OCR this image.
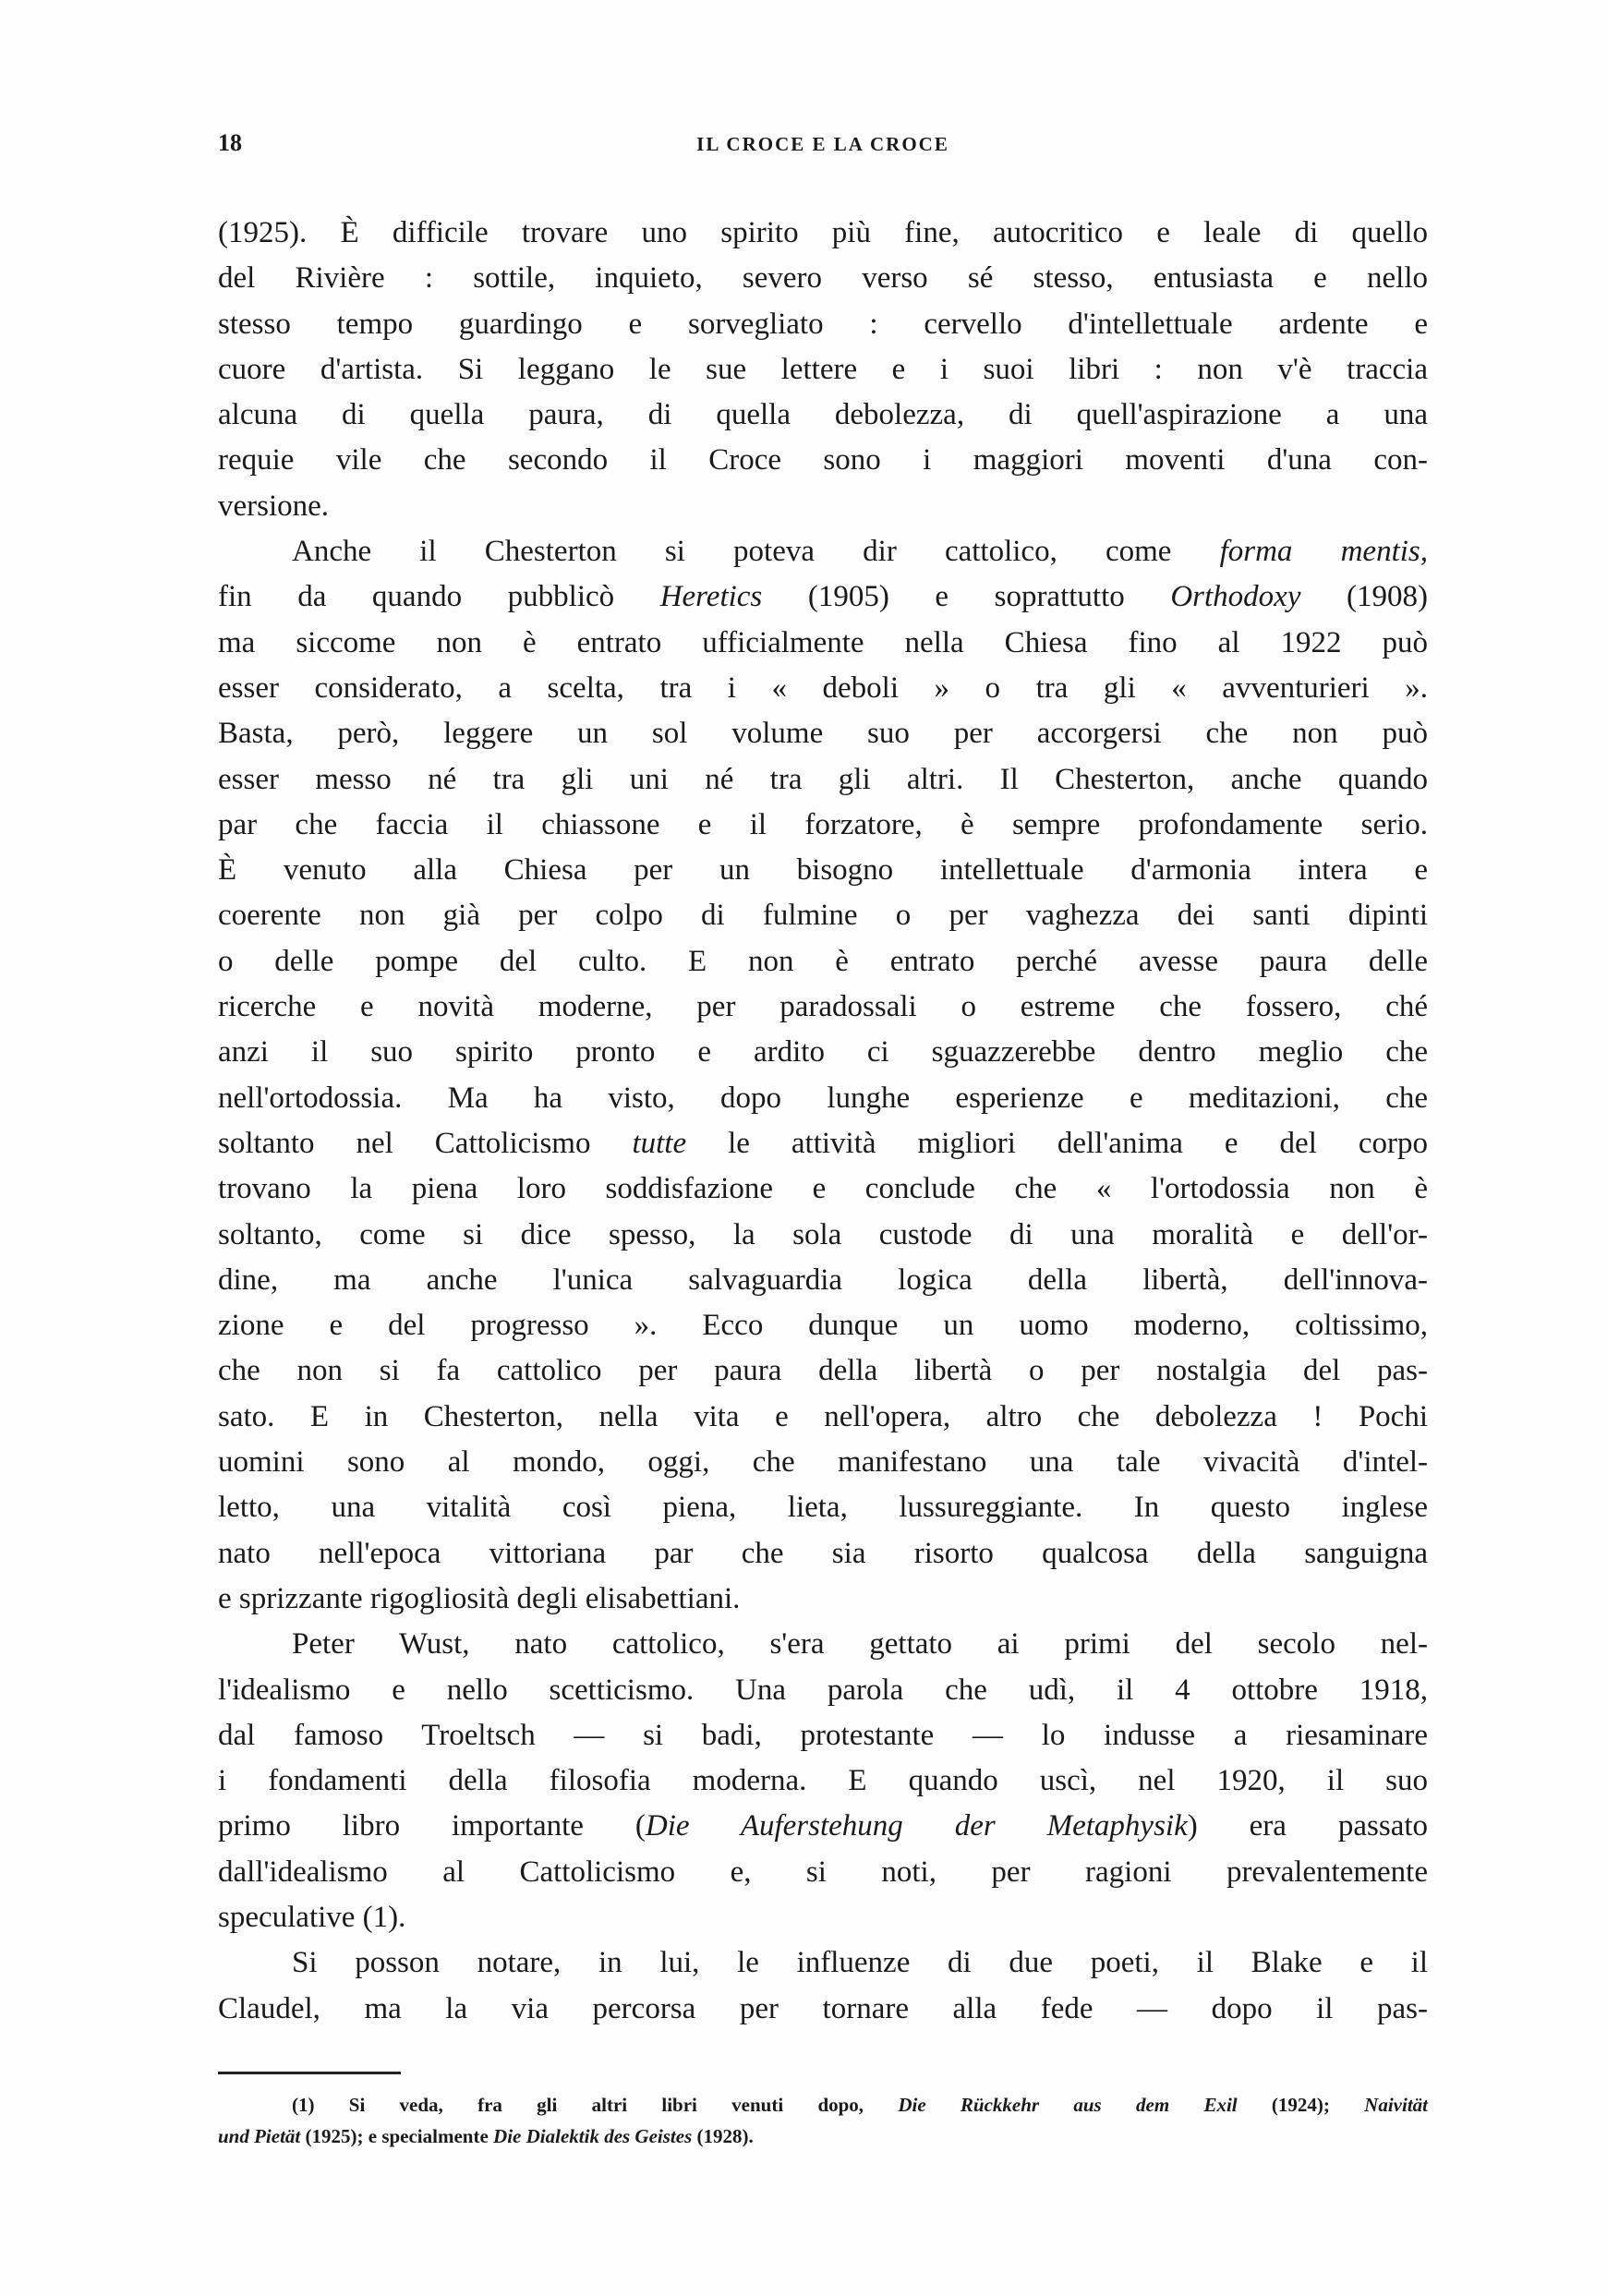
18	IL CROCE E LA CROCE
(1925). È difficile trovare uno spirito più fine, autocritico e leale di quello
del Rivière : sottile, inquieto, severo verso sé stesso, entusiasta e nello
stesso tempo guardingo e sorvegliato : cervello d'intellettuale ardente e
cuore d'artista. Si leggano le sue lettere e i suoi libri : non v'è traccia
alcuna di quella paura, di quella debolezza, di quell'aspirazione a una
requie vile che secondo il Croce sono i maggiori moventi d'una con-
versione.
Anche il Chesterton si poteva dir cattolico, come forma mentis,
fin da quando pubblicò Heretics (1905) e soprattutto Orthodoxy (1908)
ma siccome non è entrato ufficialmente nella Chiesa fino al 1922 può
esser considerato, a scelta, tra i « deboli » o tra gli « avventurieri ».
Basta, però, leggere un sol volume suo per accorgersi che non può
esser messo né tra gli uni né tra gli altri. Il Chesterton, anche quando
par che faccia il chiassone e il forzatore, è sempre profondamente serio.
È venuto alla Chiesa per un bisogno intellettuale d'armonia intera e
coerente non già per colpo di fulmine o per vaghezza dei santi dipinti
o delle pompe del culto. E non è entrato perché avesse paura delle
ricerche e novità moderne, per paradossali o estreme che fossero, ché
anzi il suo spirito pronto e ardito ci sguazzerebbe dentro meglio che
nell'ortodossia. Ma ha visto, dopo lunghe esperienze e meditazioni, che
soltanto nel Cattolicismo tutte le attività migliori dell'anima e del corpo
trovano la piena loro soddisfazione e conclude che « l'ortodossia non è
soltanto, come si dice spesso, la sola custode di una moralità e dell'or-
dine, ma anche l'unica salvaguardia logica della libertà, dell'innova-
zione e del progresso ». Ecco dunque un uomo moderno, coltissimo,
che non si fa cattolico per paura della libertà o per nostalgia del pas-
sato. E in Chesterton, nella vita e nell'opera, altro che debolezza ! Pochi
uomini sono al mondo, oggi, che manifestano una tale vivacità d'intel-
letto, una vitalità così piena, lieta, lussureggiante. In questo inglese
nato nell'epoca vittoriana par che sia risorto qualcosa della sanguigna
e sprizzante rigogliosità degli elisabettiani.
Peter Wust, nato cattolico, s'era gettato ai primi del secolo nel-
l'idealismo e nello scetticismo. Una parola che udì, il 4 ottobre 1918,
dal famoso Troeltsch — si badi, protestante — lo indusse a riesaminare
i fondamenti della filosofia moderna. E quando uscì, nel 1920, il suo
primo libro importante (Die Auferstehung der Metaphysik) era passato
dall'idealismo al Cattolicismo e, si noti, per ragioni prevalentemente
speculative (1).
Si posson notare, in lui, le influenze di due poeti, il Blake e il
Claudel, ma la via percorsa per tornare alla fede — dopo il pas-
(1) Si veda, fra gli altri libri venuti dopo, Die Rückkehr aus dem Exil (1924); Naivität
und Pietät (1925); e specialmente Die Dialektik des Geistes (1928).
